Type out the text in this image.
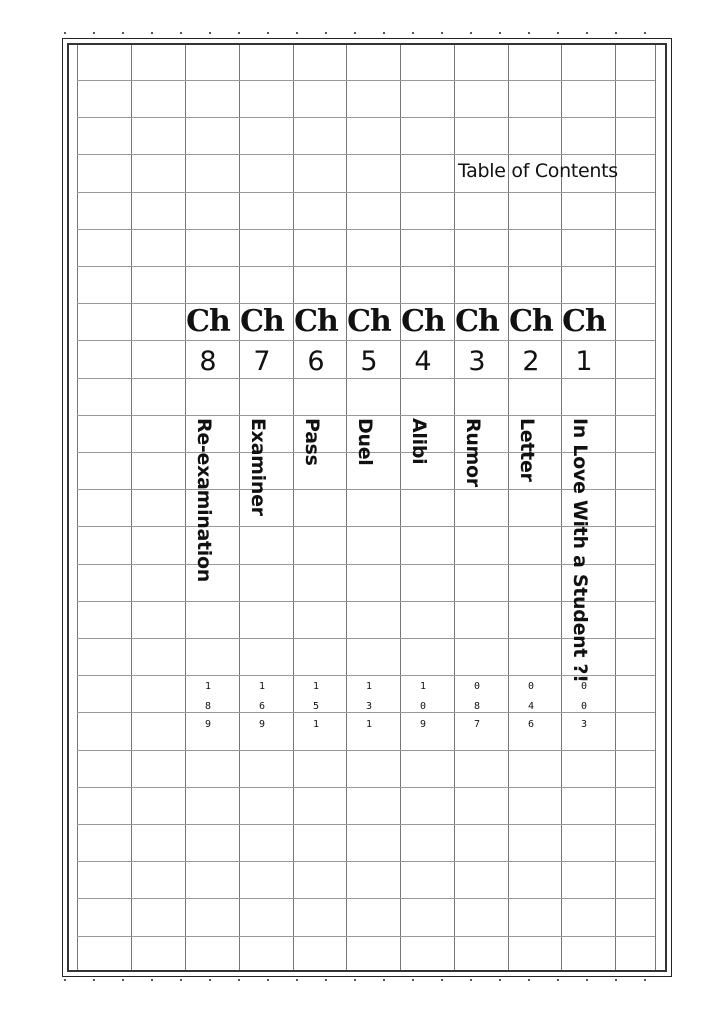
Table of Contents
Ch
8
Re-examination
1
8
9
Ch
7
Examiner
1
6
9
Ch
6
Pass
1
5
1
Ch
5
Duel
1
3
1
Ch
4
Alibi
1
0
9
Ch
3
Rumor
0
8
7
Ch
2
Letter
0
4
6
Ch
1
In Love With a Student ?!
0
0
3
